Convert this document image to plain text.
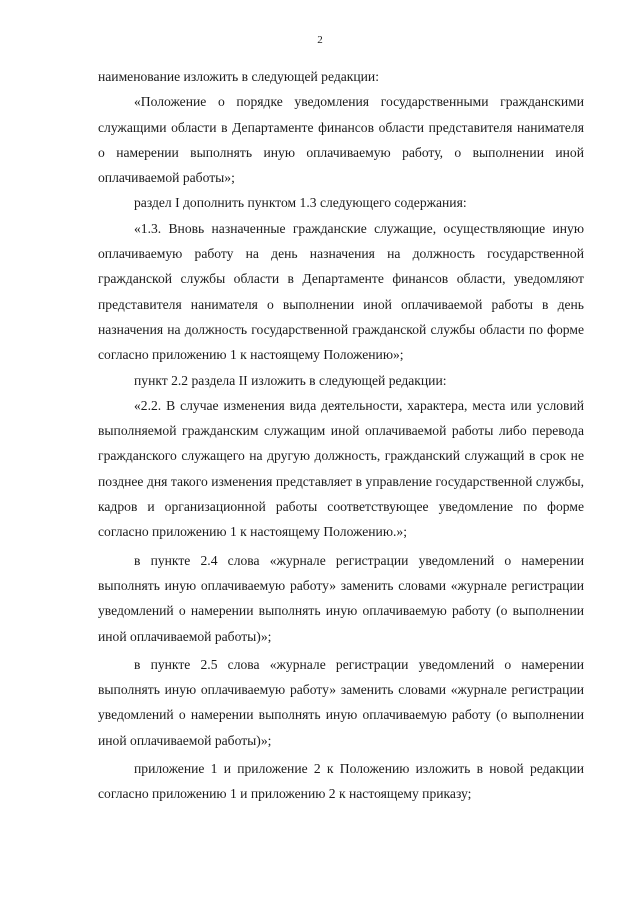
2

наименование изложить в следующей редакции:

«Положение о порядке уведомления государственными гражданскими служащими области в Департаменте финансов области представителя нанимателя о намерении выполнять иную оплачиваемую работу, о выполнении иной оплачиваемой работы»;

раздел I дополнить пунктом 1.3 следующего содержания:

«1.3. Вновь назначенные гражданские служащие, осуществляющие иную оплачиваемую работу на день назначения на должность государственной гражданской службы области в Департаменте финансов области, уведомляют представителя нанимателя о выполнении иной оплачиваемой работы в день назначения на должность государственной гражданской службы области по форме согласно приложению 1 к настоящему Положению»;

пункт 2.2 раздела II изложить в следующей редакции:

«2.2. В случае изменения вида деятельности, характера, места или условий выполняемой гражданским служащим иной оплачиваемой работы либо перевода гражданского служащего на другую должность, гражданский служащий в срок не позднее дня такого изменения представляет в управление государственной службы, кадров и организационной работы соответствующее уведомление по форме согласно приложению 1 к настоящему Положению.»;

в пункте 2.4 слова «журнале регистрации уведомлений о намерении выполнять иную оплачиваемую работу» заменить словами «журнале регистрации уведомлений о намерении выполнять иную оплачиваемую работу (о выполнении иной оплачиваемой работы)»;

в пункте 2.5 слова «журнале регистрации уведомлений о намерении выполнять иную оплачиваемую работу» заменить словами «журнале регистрации уведомлений о намерении выполнять иную оплачиваемую работу (о выполнении иной оплачиваемой работы)»;

приложение 1 и приложение 2 к Положению изложить в новой редакции согласно приложению 1 и приложению 2 к настоящему приказу;
